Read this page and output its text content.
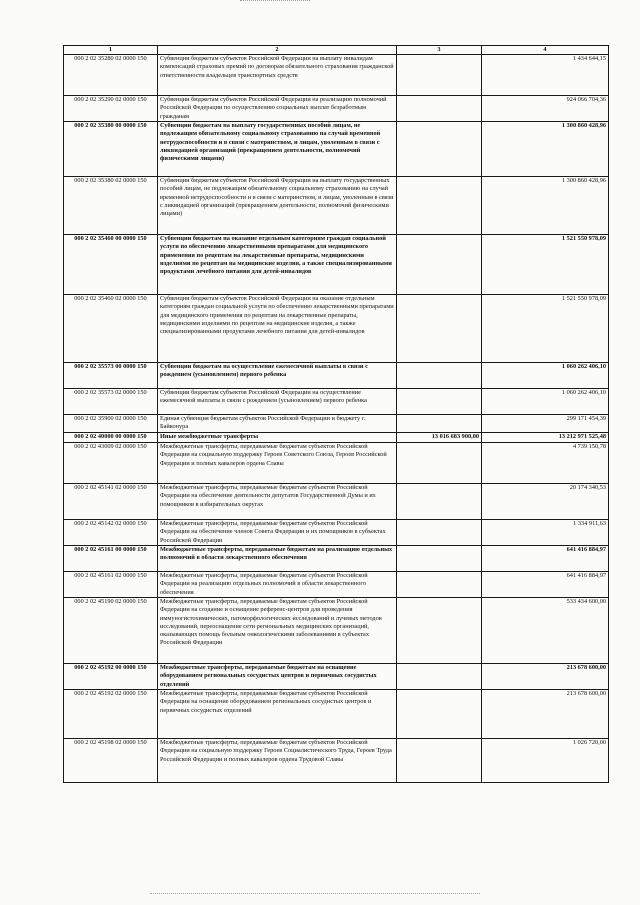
1	2	3	4
000 2 02 35280 02 0000 150	Субвенции бюджетам субъектов Российской Федерации на выплату инвалидам компенсаций страховых премий по договорам обязательного страхования гражданской ответственности владельцев транспортных средств		1 434 644,15
000 2 02 35290 02 0000 150	Субвенции бюджетам субъектов Российской Федерации на реализацию полномочий Российской Федерации по осуществлению социальных выплат безработным гражданам		924 066 704,36
000 2 02 35380 00 0000 150	Субвенции бюджетам на выплату государственных пособий лицам, не подлежащим обязательному социальному страхованию на случай временной нетрудоспособности и в связи с материнством, и лицам, уволенным в связи с ликвидацией организаций (прекращением деятельности, полномочий физическими лицами)		1 300 860 428,96
000 2 02 35380 02 0000 150	Субвенции бюджетам субъектов Российской Федерации на выплату государственных пособий лицам, не подлежащим обязательному социальному страхованию на случай временной нетрудоспособности и в связи с материнством, и лицам, уволенным в связи с ликвидацией организаций (прекращением деятельности, полномочий физическими лицами)		1 300 860 428,96
000 2 02 35460 00 0000 150	Субвенции бюджетам на оказание отдельным категориям граждан социальной услуги по обеспечению лекарственными препаратами для медицинского применения по рецептам на лекарственные препараты, медицинскими изделиями по рецептам на медицинские изделия, а также специализированными продуктами лечебного питания для детей-инвалидов		1 521 550 978,09
000 2 02 35460 02 0000 150	Субвенции бюджетам субъектов Российской Федерации на оказание отдельным категориям граждан социальной услуги по обеспечению лекарственными препаратами для медицинского применения по рецептам на лекарственные препараты, медицинскими изделиями по рецептам на медицинские изделия, а также специализированными продуктами лечебного питания для детей-инвалидов		1 521 550 978,09
000 2 02 35573 00 0000 150	Субвенции бюджетам на осуществление ежемесячной выплаты в связи с рождением (усыновлением) первого ребенка		1 060 262 406,10
000 2 02 35573 02 0000 150	Субвенции бюджетам субъектов Российской Федерации на осуществление ежемесячной выплаты в связи с рождением (усыновлением) первого ребенка		1 060 262 406,10
000 2 02 35900 02 0000 150	Единая субвенция бюджетам субъектов Российской Федерации и бюджету г. Байконура		299 171 454,39
000 2 02 40000 00 0000 150	Иные межбюджетные трансферты	13 016 683 900,00	13 212 971 525,48
000 2 02 43009 02 0000 150	Межбюджетные трансферты, передаваемые бюджетам субъектов Российской Федерации на социальную поддержку Героев Советского Союза, Героев Российской Федерации и полных кавалеров ордена Славы		4 739 150,78
000 2 02 45141 02 0000 150	Межбюджетные трансферты, передаваемые бюджетам субъектов Российской Федерации на обеспечение деятельности депутатов Государственной Думы и их помощников в избирательных округах		20 174 340,53
000 2 02 45142 02 0000 150	Межбюджетные трансферты, передаваемые бюджетам субъектов Российской Федерации на обеспечение членов Совета Федерации и их помощников в субъектах Российской Федерации		1 334 911,63
000 2 02 45161 00 0000 150	Межбюджетные трансферты, передаваемые бюджетам на реализацию отдельных полномочий в области лекарственного обеспечения		641 416 884,97
000 2 02 45161 02 0000 150	Межбюджетные трансферты, передаваемые бюджетам субъектов Российской Федерации на реализацию отдельных полномочий в области лекарственного обеспечения		641 416 884,97
000 2 02 45190 02 0000 150	Межбюджетные трансферты, передаваемые бюджетам субъектов Российской Федерации на создание и оснащение референс-центров для проведения иммуногистохимических, патоморфологических исследований и лучевых методов исследований, переоснащение сети региональных медицинских организаций, оказывающих помощь больным онкологическими заболеваниями в субъектах Российской Федерации		533 434 600,00
000 2 02 45192 00 0000 150	Межбюджетные трансферты, передаваемые бюджетам на оснащение оборудованием региональных сосудистых центров и первичных сосудистых отделений		213 678 600,00
000 2 02 45192 02 0000 150	Межбюджетные трансферты, передаваемые бюджетам субъектов Российской Федерации на оснащение оборудованием региональных сосудистых центров и первичных сосудистых отделений		213 678 600,00
000 2 02 45198 02 0000 150	Межбюджетные трансферты, передаваемые бюджетам субъектов Российской Федерации на социальную поддержку Героев Социалистического Труда, Героев Труда Российской Федерации и полных кавалеров ордена Трудовой Славы		1 026 720,00
